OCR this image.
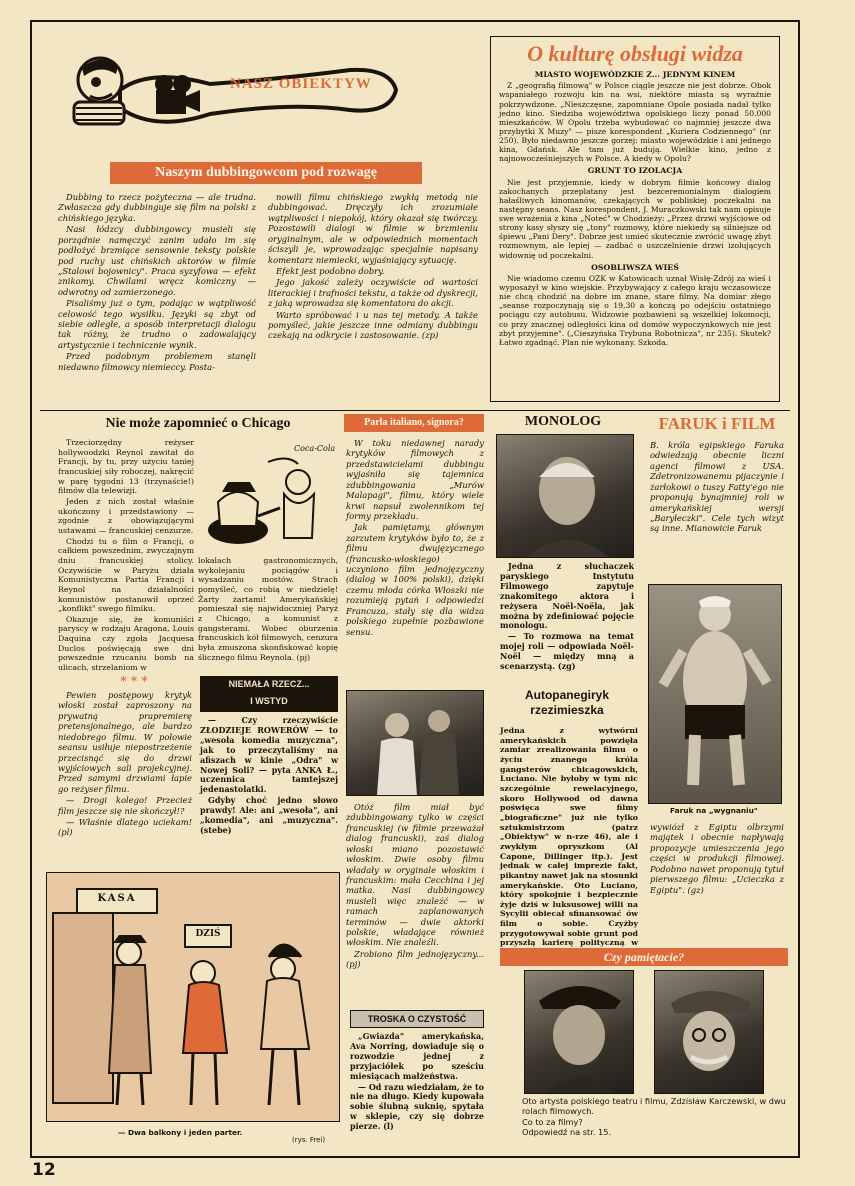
NASZ OBIEKTYW
Naszym dubbingowcom pod rozwagę

Dubbing to rzecz pożyteczna — ale trudna. Zwłaszcza gdy dubbinguje się film na polski z chińskiego języka.

Nasi łódzcy dubbingowcy musieli się porządnie namęczyć zanim udało im się podłożyć brzmiące sensownie teksty polskie pod ruchy ust chińskich aktorów w filmie „Stalowi bojownicy". Praca syzyfowa — efekt znikomy. Chwilami wręcz komiczny — odwrotny od zamierzonego.

Pisaliśmy już o tym, podając w wątpliwość celowość tego wysiłku. Języki są zbyt od siebie odległe, a sposób interpretacji dialogu tak różny, że trudno o zadowalający artystycznie i technicznie wynik.

Przed podobnym problemem stanęli niedawno filmowcy niemieccy. Posta-

nowili filmu chińskiego zwykłą metodą nie dubbingować. Dręczyły ich zrozumiałe wątpliwości i niepokój, który okazał się twórczy. Pozostawili dialogi w filmie w brzmieniu oryginalnym, ale w odpowiednich momentach ściszyli je, wprowadzając specjalnie napisany komentarz niemiecki, wyjaśniający sytuację.

Efekt jest podobno dobry.

Jego jakość zależy oczywiście od wartości literackiej i trafności tekstu, a także od dyskrecji, z jaką wprowadza się komentatora do akcji.

Warto spróbować i u nas tej metody. A także pomyśleć, jakie jeszcze inne odmiany dubbingu czekają na odkrycie i zastosowanie. (zp)

O kulturę obsługi widza
MIASTO WOJEWÓDZKIE Z... JEDNYM KINEM

Z „geografią filmową" w Polsce ciągle jeszcze nie jest dobrze. Obok wspaniałego rozwoju kin na wsi, niektóre miasta są wyraźnie pokrzywdzone. „Nieszczęsne, zapomniane Opole posiada nadal tylko jedno kino. Siedziba województwa opolskiego liczy ponad 50.000 mieszkańców. W Opolu trzeba wybudować co najmniej jeszcze dwa przybytki X Muzy" — pisze korespondent „Kuriera Codziennego" (nr 250). Było niedawno jeszcze gorzej: miasto wojewódzkie i ani jednego kina, Gdańsk. Ale tam już budują. Wielkie kino, jedno z najnowocześniejszych w Polsce. A kiedy w Opolu?

GRUNT TO IZOLACJA

Nie jest przyjemnie, kiedy w dobrym filmie końcowy dialog zakochanych przeplatany jest bezceremonialnym dialogiem hałaśliwych kinomanów, czekających w pobliskiej poczekalni na następny seans. Nasz korespondent, J. Muraczkowski tak nam opisuje swe wrażenia z kina „Noteć" w Chodzieży: „Przez drzwi wyjściowe od strony kasy słyszy się „tony" rozmowy, które niekiedy są silniejsze od śpiewu „Pani Dery". Dobrze jest umieć skutecznie zwrócić uwagę zbyt rozmownym, ale lepiej — zadbać o uszczelnienie drzwi izolujących widownię od poczekalni.

OSOBLIWSZA WIEŚ

Nie wiadomo czemu OZK w Katowicach uznał Wisłę-Zdrój za wieś i wyposażył w kino wiejskie. Przybywający z całego kraju wczasowicze nie chcą chodzić na dobre im znane, stare filmy. Na domiar złego „seanse rozpoczynają się o 19,30 a kończą po odejściu ostatniego pociągu czy autobusu. Widzowie pozbawieni są wszelkiej lokomocji, co przy znacznej odległości kina od domów wypoczynkowych nie jest zbyt przyjemne". („Cieszyńska Trybuna Robotnicza", nr 235). Skutek? Łatwo zgadnąć. Plan nie wykonany. Szkoda.

Nie może zapomnieć o Chicago

Trzeciorzędny reżyser hollywoodzki Reynol zawitał do Francji, by tu, przy użyciu taniej francuskiej siły roboczej, nakręcić w parę tygodni 13 (trzynaście!) filmów dla telewizji.

Jeden z nich został właśnie ukończony i przedstawiony — zgodnie z obowiązującymi ustawami — francuskiej cenzurze.

Chodzi tu o film o Francji, o całkiem powszednim, zwyczajnym dniu francuskiej stolicy. Oczywiście w Paryżu działa Komunistyczna Partia Francji i Reynol na działalności komunistów postanowił oprzeć „konflikt" swego filmiku.

Okazuje się, że komuniści paryscy w rodzaju Aragona, Louis Daquina czy zgoła Jacquesa Duclos poświęcają swe dni powszednie rzucaniu bomb na ulicach, strzelaniom w

Coca-Cola
lokalach gastronomicznych, wykolejaniu pociągów i wysadzaniu mostów. Strach pomyśleć, co robią w niedzielę! Żarty żartami! Amerykańskiej pomieszał się najwidoczniej Paryż z Chicago, a komunist z gangsterami. Wobec oburzenia francuskich kół filmowych, cenzura była zmuszona skonfiskować kopię ślicznego filmu Reynola. (pj)
* * *

Pewien postępowy krytyk włoski został zaproszony na prywatną prapremierę pretensjonalnego, ale bardzo niedobrego filmu. W połowie seansu usiłuje niepostrzeżenie przecisnąć się do drzwi wyjściowych sali projekcyjnej. Przed samymi drzwiami łapie go reżyser filmu.

— Drogi kolego! Przecież film jeszcze się nie skończył!?

— Właśnie dlatego uciekam! (pl)

NIEMAŁA RZECZ...
I WSTYD

— Czy rzeczywiście ZŁODZIEJE ROWERÓW — to „wesoła komedia muzyczna", jak to przeczytaliśmy na afiszach w kinie „Odra" w Nowej Soli? — pyta ANKA Ł., uczennica tamtejszej jedenastolatki.

Gdyby choć jedno słowo prawdy! Ale: ani „wesoła", ani „komedia", ani „muzyczna". (stebe)

KASA
DZIŚ
— Dwa balkony i jeden parter.
(rys. Frei)
Parla italiano, signora?

W toku niedawnej narady krytyków filmowych z przedstawicielami dubbingu wyjaśniła się tajemnica zdubbingowania „Murów Malapagi", filmu, który wiele krwi napsuł zwolennikom tej formy przekładu.

Jak pamiętamy, głównym zarzutem krytyków było to, że z filmu dwujęzycznego (francusko-włoskiego) uczyniono film jednojęzyczny (dialog w 100% polski), dzięki czemu młoda córka Włoszki nie rozumieją pytań i odpowiedzi Francuza, stały się dla widza polskiego zupełnie pozbawione sensu.

Otóż film miał być zdubbingowany tylko w części francuskiej (w filmie przeważał dialog francuski), zaś dialog włoski miano pozostawić włoskim. Dwie osoby filmu władały w oryginale włoskim i francuskim: mała Cecchina i jej matka. Nasi dubbingowcy musieli więc znaleźć — w ramach zaplanowanych terminów — dwie aktorki polskie, władające również włoskim. Nie znaleźli.

Zrobiono film jednojęzyczny... (pj)

TROSKA O CZYSTOŚĆ

„Gwiazda" amerykańska, Ava Norring, dowiaduje się o rozwodzie jednej z przyjaciółek po sześciu miesiącach małżeństwa.

— Od razu wiedziałam, że to nie na długo. Kiedy kupowała sobie ślubną suknię, spytała w sklepie, czy się dobrze pierze. (l)

MONOLOG

Jedna z słuchaczek paryskiego Instytutu Filmowego zapytuje znakomitego aktora i reżysera Noël-Noëla, jak można by zdefiniować pojęcie monologu.

— To rozmowa na temat mojej roli — odpowiada Noël-Noël — między mną a scenarzystą. (zg)

Autopanegiryk rzezimieszka
Jedna z wytwórni amerykańskich powzięła zamiar zrealizowania filmu o życiu znanego króla gangsterów chicagowskich, Luciano. Nie byłoby w tym nic szczególnie rewelacyjnego, skoro Hollywood od dawna poświęca swe filmy „biograficzne" już nie tylko sztukmistrzom (patrz „Obiektyw" w n-rze 46), ale i zwykłym opryszkom (Al Capone, Dillinger itp.). Jest jednak w całej imprezie fakt, pikantny nawet jak na stosunki amerykańskie. Oto Luciano, który spokojnie i bezpiecznie żyje dziś w luksusowej willi na Sycylii obiecał sfinansować ów film o sobie. Czyżby przygotowywał sobie grunt pod przyszłą karierę polityczną w
FARUK i FILM
B. króla egipskiego Faruka odwiedzają obecnie liczni agenci filmowi z USA. Zdetronizowanemu pijaczynie i żarłokowi o tuszy Fatty'ego nie proponują bynajmniej roli w amerykańskiej wersji „Baryłeczki". Cele tych wizyt są inne. Mianowicie Faruk
Faruk na „wygnaniu"
wywiózł z Egiptu olbrzymi majątek i obecnie napływają propozycje umieszczenia jego części w produkcji filmowej. Podobno nawet proponują tytuł pierwszego filmu: „Ucieczka z Egiptu". (gz)
Czy pamiętacie?
Oto artysta polskiego teatru i filmu, Zdzisław Karczewski, w dwu rolach filmowych.
Co to za filmy?
Odpowiedź na str. 15.
12
